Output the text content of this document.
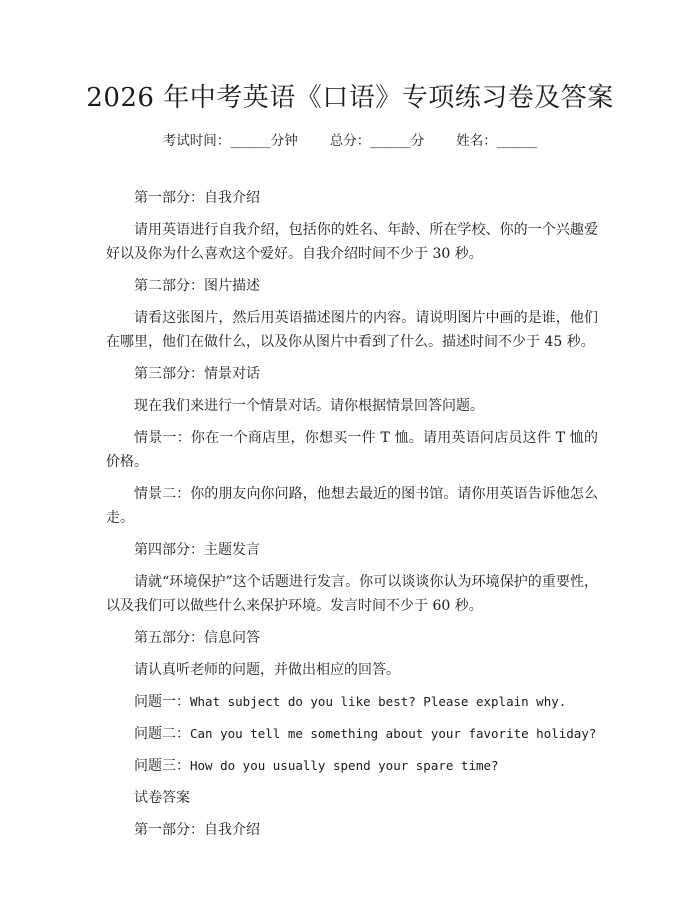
2026 年中考英语《口语》专项练习卷及答案
考试时间：______分钟 总分：______分 姓名：______

第一部分：自我介绍

请用英语进行自我介绍，包括你的姓名、年龄、所在学校、你的一个兴趣爱好以及你为什么喜欢这个爱好。自我介绍时间不少于 30 秒。

第二部分：图片描述

请看这张图片，然后用英语描述图片的内容。请说明图片中画的是谁，他们在哪里，他们在做什么，以及你从图片中看到了什么。描述时间不少于 45 秒。

第三部分：情景对话

现在我们来进行一个情景对话。请你根据情景回答问题。

情景一：你在一个商店里，你想买一件 T 恤。请用英语问店员这件 T 恤的价格。

情景二：你的朋友向你问路，他想去最近的图书馆。请你用英语告诉他怎么走。

第四部分：主题发言

请就“环境保护”这个话题进行发言。你可以谈谈你认为环境保护的重要性，以及我们可以做些什么来保护环境。发言时间不少于 60 秒。

第五部分：信息问答

请认真听老师的问题，并做出相应的回答。

问题一：What subject do you like best? Please explain why.

问题二：Can you tell me something about your favorite holiday?

问题三：How do you usually spend your spare time?

试卷答案

第一部分：自我介绍
